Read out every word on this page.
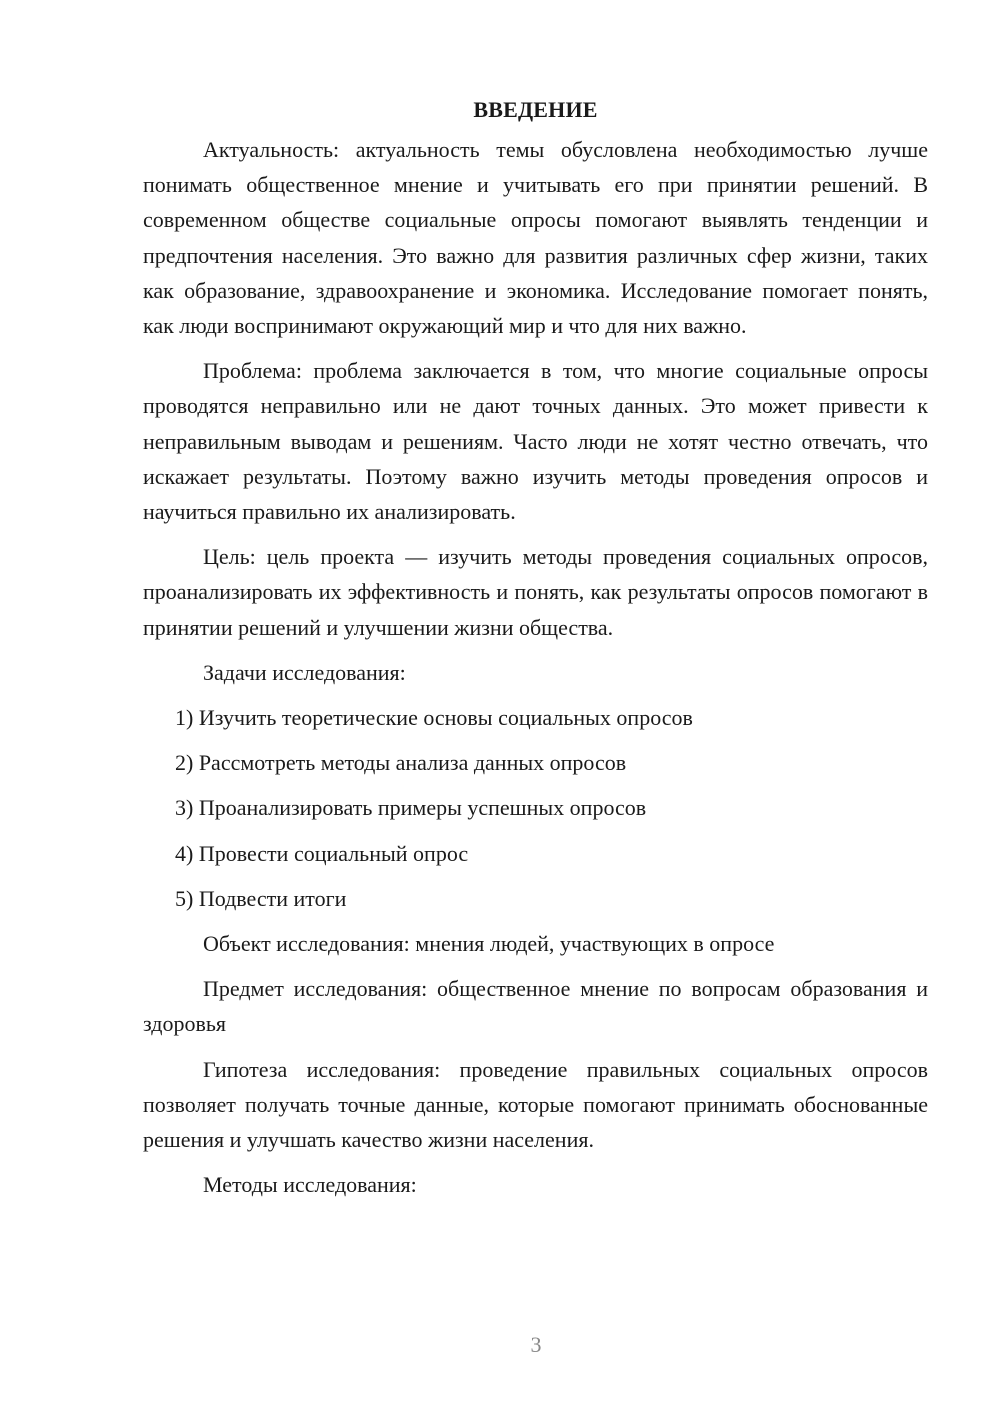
ВВЕДЕНИЕ

Актуальность: актуальность темы обусловлена необходимостью лучше понимать общественное мнение и учитывать его при принятии решений. В современном обществе социальные опросы помогают выявлять тенденции и предпочтения населения. Это важно для развития различных сфер жизни, таких как образование, здравоохранение и экономика. Исследование помогает понять, как люди воспринимают окружающий мир и что для них важно.

Проблема: проблема заключается в том, что многие социальные опросы проводятся неправильно или не дают точных данных. Это может привести к неправильным выводам и решениям. Часто люди не хотят честно отвечать, что искажает результаты. Поэтому важно изучить методы проведения опросов и научиться правильно их анализировать.

Цель: цель проекта — изучить методы проведения социальных опросов, проанализировать их эффективность и понять, как результаты опросов помогают в принятии решений и улучшении жизни общества.

Задачи исследования:

1) Изучить теоретические основы социальных опросов
2) Рассмотреть методы анализа данных опросов
3) Проанализировать примеры успешных опросов
4) Провести социальный опрос
5) Подвести итоги

Объект исследования: мнения людей, участвующих в опросе

Предмет исследования: общественное мнение по вопросам образования и здоровья

Гипотеза исследования: проведение правильных социальных опросов позволяет получать точные данные, которые помогают принимать обоснованные решения и улучшать качество жизни населения.

Методы исследования:

3
